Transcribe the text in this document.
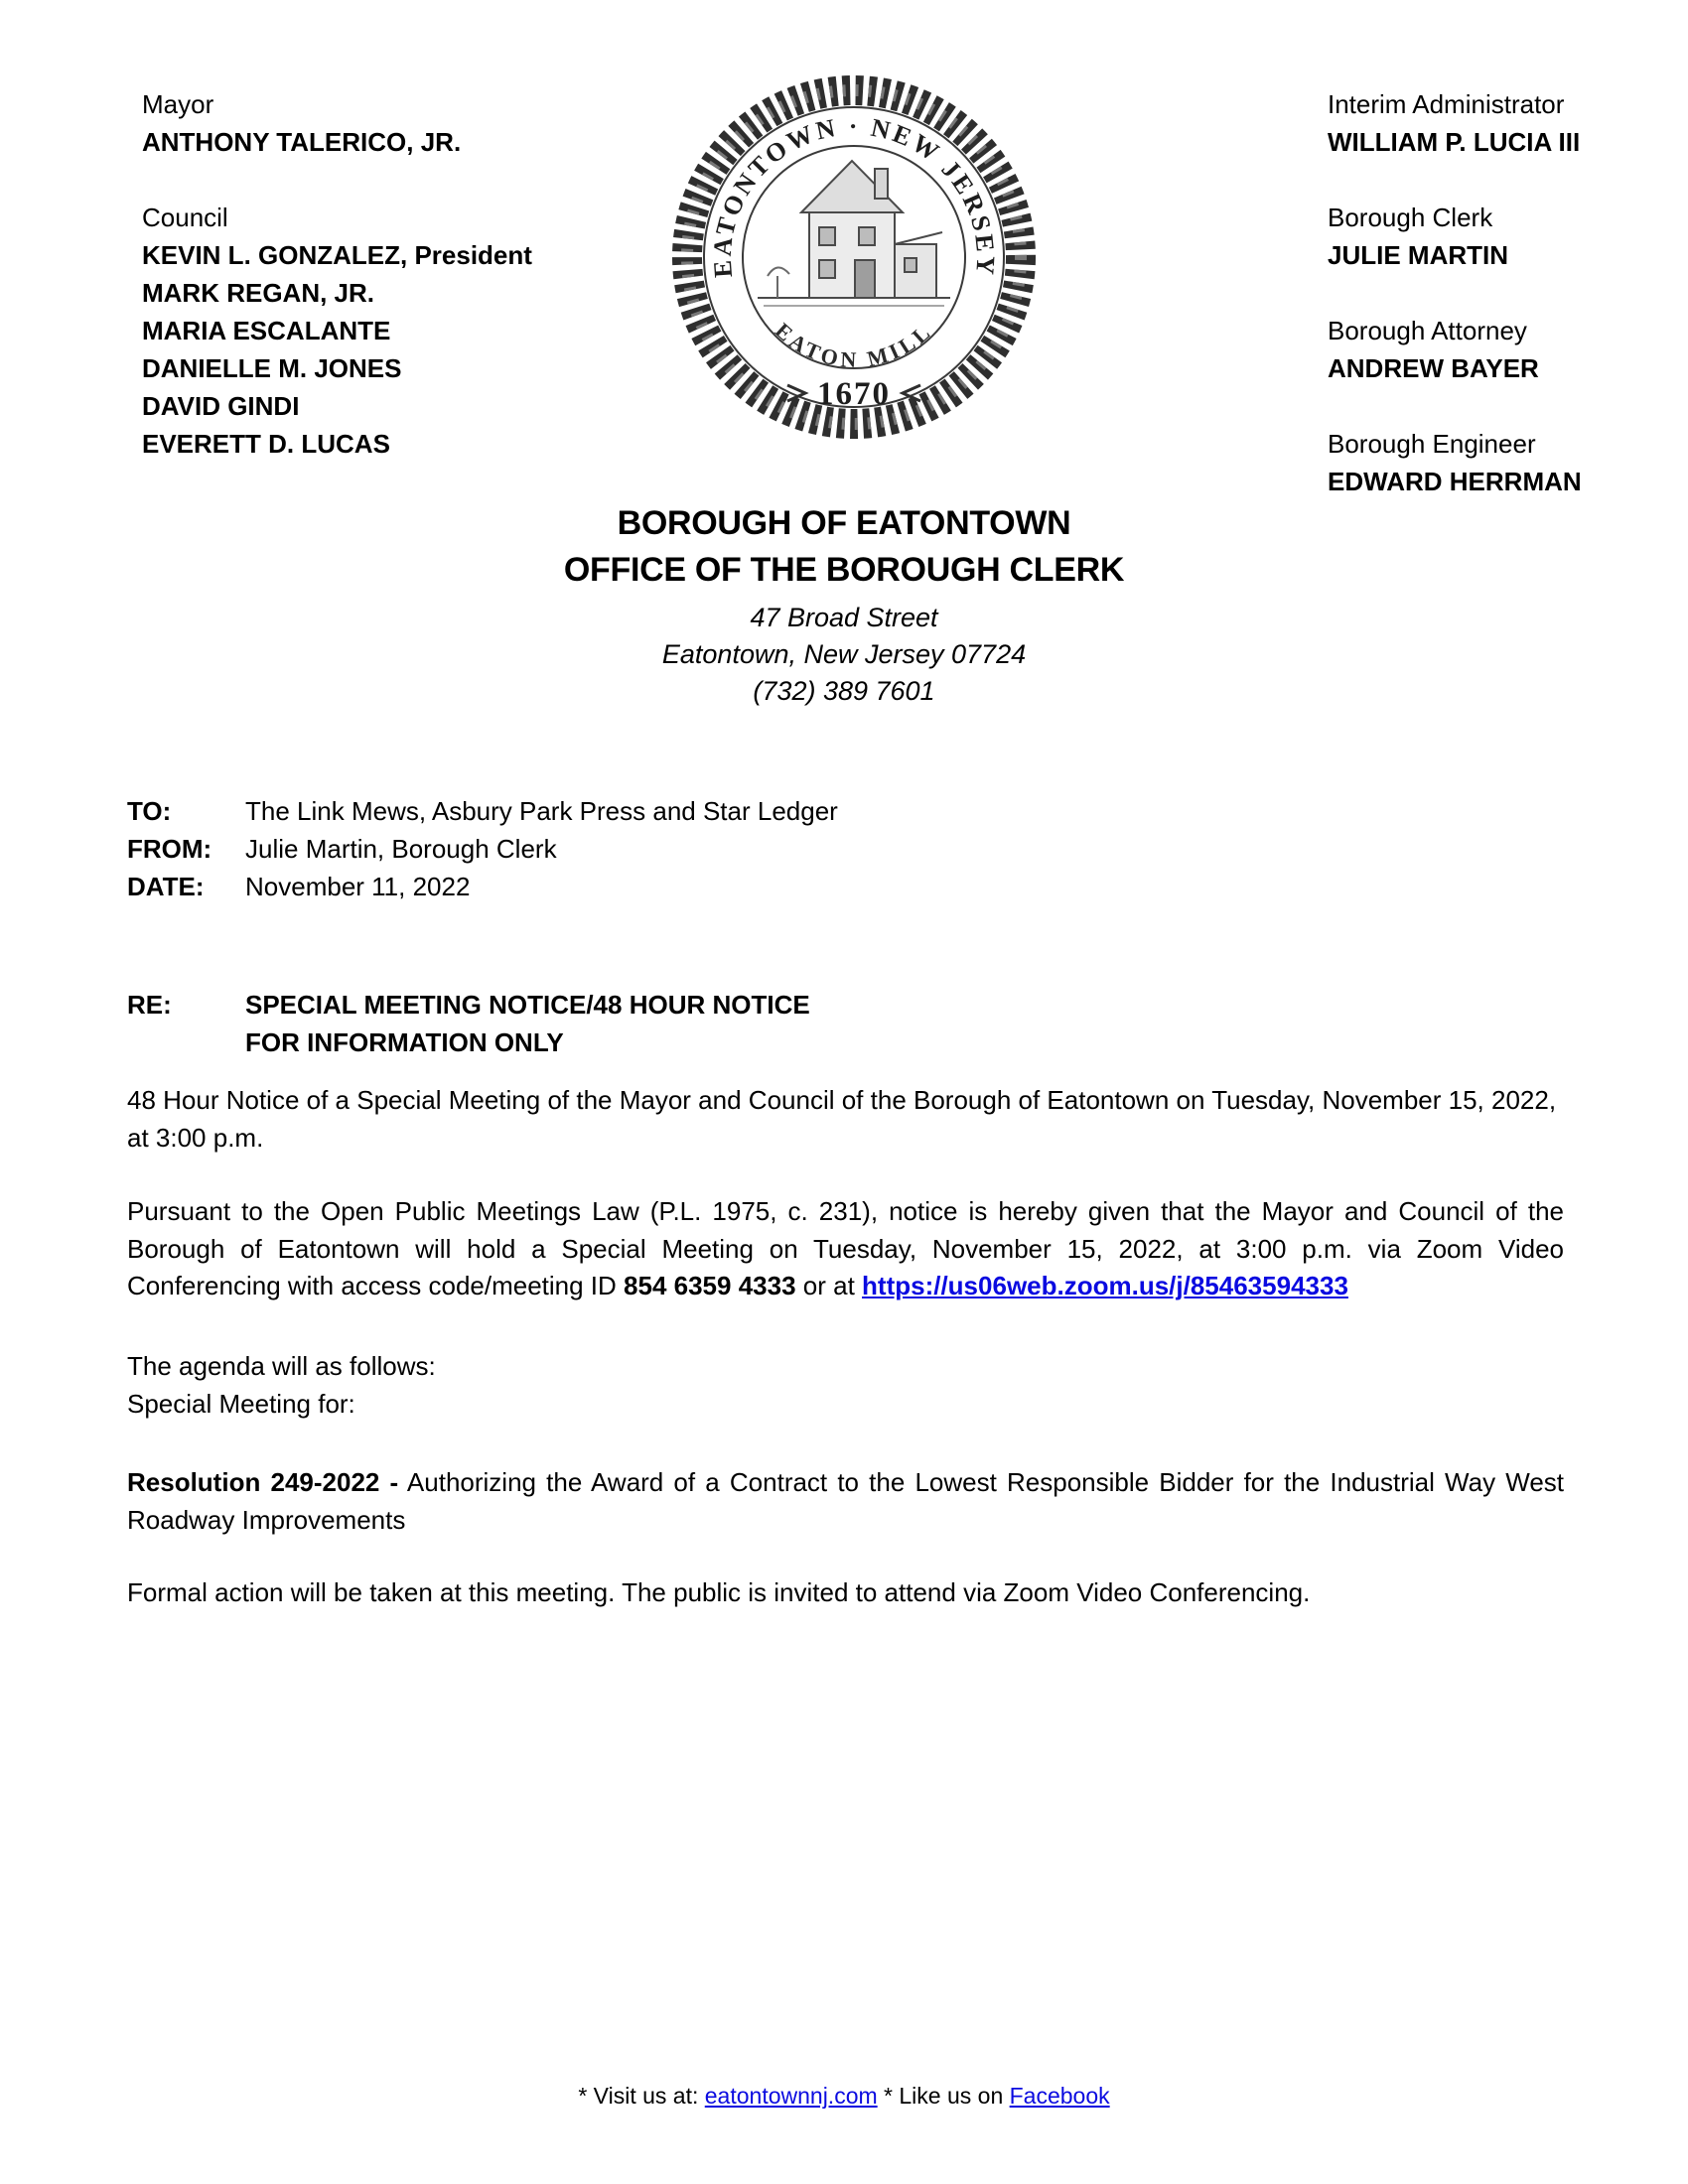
Mayor
ANTHONY TALERICO, JR.
Council
KEVIN L. GONZALEZ, President
MARK REGAN, JR.
MARIA ESCALANTE
DANIELLE M. JONES
DAVID GINDI
EVERETT D. LUCAS
EATONTOWN · NEW JERSEY
EATON MILL
1670
Interim Administrator
WILLIAM P. LUCIA III
Borough Clerk
JULIE MARTIN
Borough Attorney
ANDREW BAYER
Borough Engineer
EDWARD HERRMAN
BOROUGH OF EATONTOWN
OFFICE OF THE BOROUGH CLERK
47 Broad Street
Eatontown, New Jersey 07724
(732) 389 7601
TO:	The Link Mews, Asbury Park Press and Star Ledger
FROM:	Julie Martin, Borough Clerk
DATE:	November 11, 2022
RE:	SPECIAL MEETING NOTICE/48 HOUR NOTICE
FOR INFORMATION ONLY
48 Hour Notice of a Special Meeting of the Mayor and Council of the Borough of Eatontown on Tuesday, November 15, 2022, at 3:00 p.m.
Pursuant to the Open Public Meetings Law (P.L. 1975, c. 231), notice is hereby given that the Mayor and Council of the Borough of Eatontown will hold a Special Meeting on Tuesday, November 15, 2022, at 3:00 p.m. via Zoom Video Conferencing with access code/meeting ID 854 6359 4333 or at https://us06web.zoom.us/j/85463594333
The agenda will as follows:
Special Meeting for:
Resolution 249-2022 - Authorizing the Award of a Contract to the Lowest Responsible Bidder for the Industrial Way West Roadway Improvements
Formal action will be taken at this meeting. The public is invited to attend via Zoom Video Conferencing.
* Visit us at: eatontownnj.com * Like us on Facebook
